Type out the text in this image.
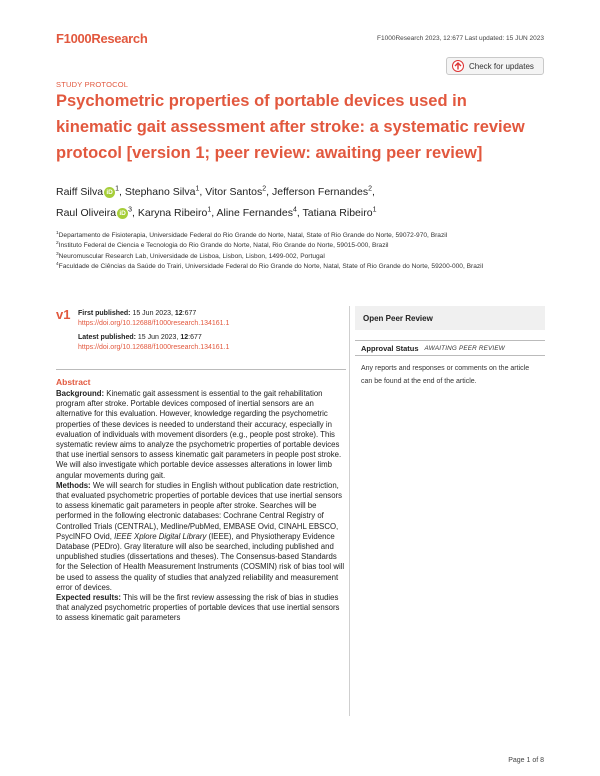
F1000Research	F1000Research 2023, 12:677 Last updated: 15 JUN 2023
Check for updates
STUDY PROTOCOL
Psychometric properties of portable devices used in kinematic gait assessment after stroke: a systematic review protocol [version 1; peer review: awaiting peer review]
Raiff Silva iD $^1$, Stephano Silva$^1$, Vitor Santos$^2$, Jefferson Fernandes$^2$,
Raul Oliveira iD $^3$, Karyna Ribeiro$^1$, Aline Fernandes$^4$, Tatiana Ribeiro$^1$
$^1$Departamento de Fisioterapia, Universidade Federal do Rio Grande do Norte, Natal, State of Rio Grande do Norte, 59072-970, Brazil
$^2$Instituto Federal de Ciencia e Tecnologia do Rio Grande do Norte, Natal, Rio Grande do Norte, 59015-000, Brazil
$^3$Neuromuscular Research Lab, Universidade de Lisboa, Lisbon, Lisbon, 1499-002, Portugal
$^4$Faculdade de Ciências da Saúde do Trairi, Universidade Federal do Rio Grande do Norte, Natal, State of Rio Grande do Norte, 59200-000, Brazil
v1 First published: 15 Jun 2023, 12:677
https://doi.org/10.12688/f1000research.134161.1
Latest published: 15 Jun 2023, 12:677
https://doi.org/10.12688/f1000research.134161.1
Abstract

Background: Kinematic gait assessment is essential to the gait rehabilitation program after stroke. Portable devices composed of inertial sensors are an alternative for this evaluation. However, knowledge regarding the psychometric properties of these devices is needed to understand their accuracy, especially in evaluation of individuals with movement disorders (e.g., people post stroke). This systematic review aims to analyze the psychometric properties of portable devices that use inertial sensors to assess kinematic gait parameters in people post stroke. We will also investigate which portable device assesses alterations in lower limb angular movements during gait.

Methods: We will search for studies in English without publication date restriction, that evaluated psychometric properties of portable devices that use inertial sensors to assess kinematic gait parameters in people after stroke. Searches will be performed in the following electronic databases: Cochrane Central Registry of Controlled Trials (CENTRAL), Medline/PubMed, EMBASE Ovid, CINAHL EBSCO, PsycINFO Ovid, IEEE Xplore Digital Library (IEEE), and Physiotherapy Evidence Database (PEDro). Gray literature will also be searched, including published and unpublished studies (dissertations and theses). The Consensus-based Standards for the Selection of Health Measurement Instruments (COSMIN) risk of bias tool will be used to assess the quality of studies that analyzed reliability and measurement error of devices.

Expected results: This will be the first review assessing the risk of bias in studies that analyzed psychometric properties of portable devices that use inertial sensors to assess kinematic gait parameters

Open Peer Review
Approval Status AWAITING PEER REVIEW
Any reports and responses or comments on the article can be found at the end of the article.
Page 1 of 8
